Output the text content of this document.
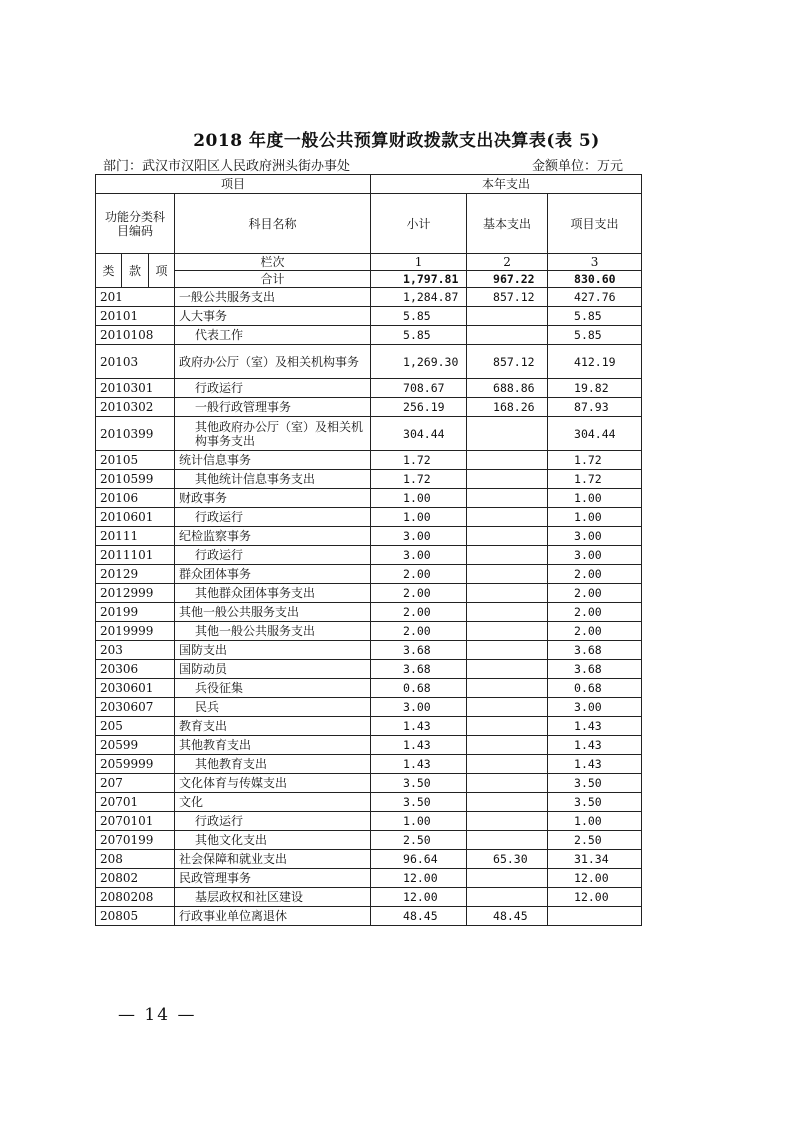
2018 年度一般公共预算财政拨款支出决算表(表 5)
部门：武汉市汉阳区人民政府洲头街办事处	金额单位：万元
项目				本年支出		
功能分类科目编码			科目名称	小计	基本支出	项目支出
类	款	项				
			栏次	1	2	3
			合计	1,797.81	967.22	830.60
201			一般公共服务支出	1,284.87	857.12	427.76
20101			人大事务	5.85		5.85
2010108			代表工作	5.85		5.85
20103			政府办公厅（室）及相关机构事务	1,269.30	857.12	412.19
2010301			行政运行	708.67	688.86	19.82
2010302			一般行政管理事务	256.19	168.26	87.93
2010399			其他政府办公厅（室）及相关机构事务支出	304.44		304.44
20105			统计信息事务	1.72		1.72
2010599			其他统计信息事务支出	1.72		1.72
20106			财政事务	1.00		1.00
2010601			行政运行	1.00		1.00
20111			纪检监察事务	3.00		3.00
2011101			行政运行	3.00		3.00
20129			群众团体事务	2.00		2.00
2012999			其他群众团体事务支出	2.00		2.00
20199			其他一般公共服务支出	2.00		2.00
2019999			其他一般公共服务支出	2.00		2.00
203			国防支出	3.68		3.68
20306			国防动员	3.68		3.68
2030601			兵役征集	0.68		0.68
2030607			民兵	3.00		3.00
205			教育支出	1.43		1.43
20599			其他教育支出	1.43		1.43
2059999			其他教育支出	1.43		1.43
207			文化体育与传媒支出	3.50		3.50
20701			文化	3.50		3.50
2070101			行政运行	1.00		1.00
2070199			其他文化支出	2.50		2.50
208			社会保障和就业支出	96.64	65.30	31.34
20802			民政管理事务	12.00		12.00
2080208			基层政权和社区建设	12.00		12.00
20805			行政事业单位离退休	48.45	48.45	
— 14 —
